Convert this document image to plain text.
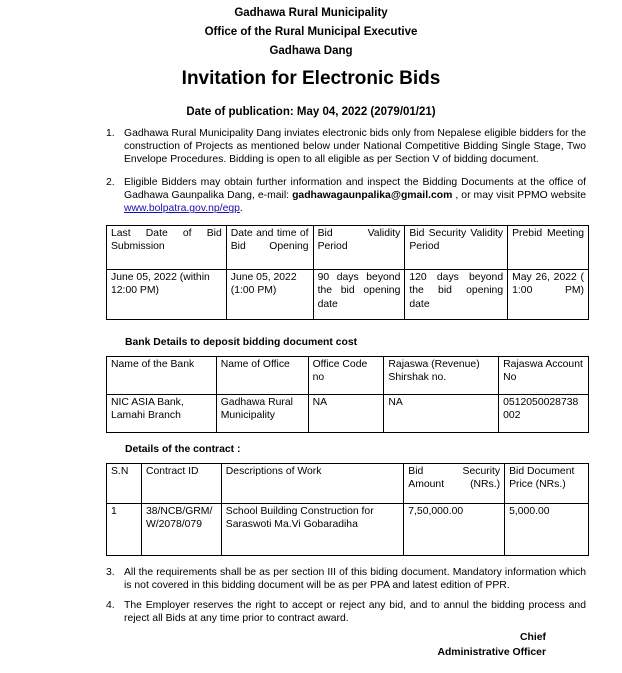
Gadhawa Rural Municipality
Office of the Rural Municipal Executive
Gadhawa Dang
Invitation for Electronic Bids
Date of publication: May 04, 2022 (2079/01/21)
1. Gadhawa Rural Municipality Dang inviates electronic bids only from Nepalese eligible bidders for the construction of Projects as mentioned below under National Competitive Bidding Single Stage, Two Envelope Procedures. Bidding is open to all eligible as per Section V of bidding document.
2. Eligible Bidders may obtain further information and inspect the Bidding Documents at the office of Gadhawa Gaunpalika Dang, e-mail: gadhawagaunpalika@gmail.com , or may visit PPMO website www.bolpatra.gov.np/egp.
Last Date of Bid Submission	Date and time of Bid Opening	Bid Validity Period	Bid Security Validity Period	Prebid Meeting
June 05, 2022 (within 12:00 PM)	June 05, 2022 (1:00 PM)	90 days beyond the bid opening date	120 days beyond the bid opening date	May 26, 2022 ( 1:00 PM)
Bank Details to deposit bidding document cost
Name of the Bank	Name of Office	Office Code no	Rajaswa (Revenue) Shirshak no.	Rajaswa Account No
NIC ASIA Bank, Lamahi Branch	Gadhawa Rural Municipality	NA	NA	0512050028738002
Details of the contract :
S.N	Contract ID	Descriptions of Work	Bid Security Amount (NRs.)	Bid Document Price (NRs.)
1	38/NCB/GRM/W/2078/079	School Building Construction for Saraswoti Ma.Vi Gobaradiha	7,50,000.00	5,000.00
3. All the requirements shall be as per section III of this biding document. Mandatory information which is not covered in this bidding document will be as per PPA and latest edition of PPR.
4. The Employer reserves the right to accept or reject any bid, and to annul the bidding process and reject all Bids at any time prior to contract award.
Chief
Administrative Officer
